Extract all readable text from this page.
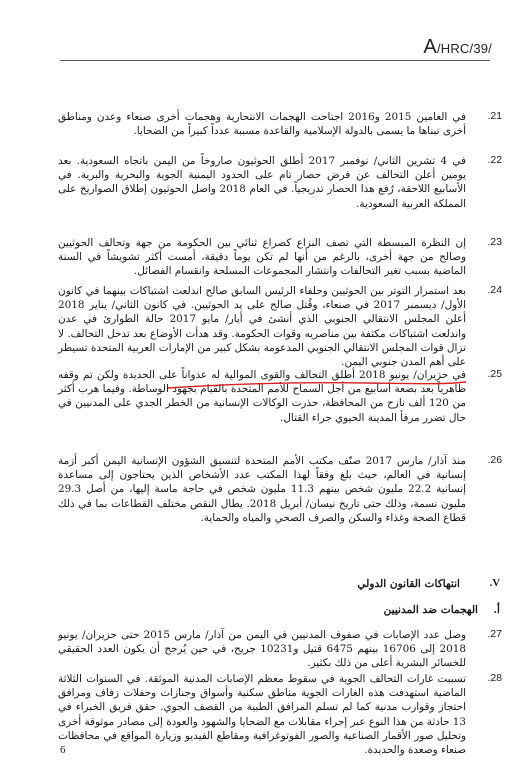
A/HRC/39/
.21
في العامين 2015 و2016 اجتاحت الهجمات الانتحارية وهجمات أخرى صنعاء وعدن ومناطق أخرى تبناها ما يسمى بالدولة الإسلامية والقاعدة مسببة عدداً كبيراً من الضحايا.
.22
في 4 تشرين الثاني/ نوفمبر 2017 أطلق الحوثيون صاروخاً من اليمن باتجاه السعودية. بعد يومين أعلن التحالف عن فرض حصار تام على الحدود اليمنية الجوية والبحرية والبرية. في الأسابيع اللاحقة، رُفع هذا الحصار تدريجياً. في العام 2018 واصل الحوثيون إطلاق الصواريخ على المملكة العربية السعودية.
.23
إن النظرة المبسطة التي تصف النزاع كصراع ثنائي بين الحكومة من جهة وتحالف الحوثيين وصالح من جهة أخرى، بالرغم من أنها لم تكن يوماً دقيقة، أمست أكثر تشويشاً في السنة الماضية بسبب تغير التحالفات وانتشار المجموعات المسلحة وانقسام الفصائل.
.24
بعد استمرار التوتر بين الحوثيين وحلفاء الرئيس السابق صالح اندلعت اشتباكات بينهما في كانون الأول/ ديسمبر 2017 في صنعاء، وقُتل صالح على يد الحوثيين. في كانون الثاني/ يناير 2018 أعلن المجلس الانتقالي الجنوبي الذي أنشئ في أيار/ مايو 2017 حالة الطوارئ في عدن واندلعت اشتباكات مكثفة بين مناصريه وقوات الحكومة. وقد هدأت الأوضاع بعد تدخل التحالف. لا تزال قوات المجلس الانتقالي الجنوبي المدعومة بشكل كبير من الإمارات العربية المتحدة تسيطر على أهم المدن جنوبي اليمن.
.25
في حزيران/ يونيو 2018 أطلق التحالف والقوى الموالية له عدواناً على الحديدة ولكن تم وقفه ظاهرياً بعد بضعة أسابيع من أجل السماح للأمم المتحدة بالقيام بجهود الوساطة. وفيما هرب أكثر من 120 ألف نازح من المحافظة، حذرت الوكالات الإنسانية من الخطر الجدي على المدنيين في حال تضرر مرفأ المدينة الحيوي جراء القتال.
.26
منذ آذار/ مارس 2017 صنّف مكتب الأمم المتحدة لتنسيق الشؤون الإنسانية اليمن أكبر أزمة إنسانية في العالم، حيث بلغ وفقاً لهذا المكتب عدد الأشخاص الذين يحتاجون إلى مساعدة إنسانية 22.2 مليون شخص بينهم 11.3 مليون شخص في حاجة ماسة إليها، من أصل 29.3 مليون نسمة، وذلك حتى تاريخ نيسان/ أبريل 2018. يطال النقص مختلف القطاعات بما في ذلك قطاع الصحة وغذاء والسكن والصرف الصحي والمياه والحماية.
.V
انتهاكات القانون الدولي
أ.
الهجمات ضد المدنيين
.27
وصل عدد الإصابات في صفوف المدنيين في اليمن من آذار/ مارس 2015 حتى حزيران/ يونيو 2018 إلى 16706 بينهم 6475 قتيل و10231 جريح، في حين يُرجح أن يكون العدد الحقيقي للخسائر البشرية أعلى من ذلك بكثير.
.28
تسببت غارات التحالف الجوية في سقوط معظم الإصابات المدنية الموثقة. في السنوات الثلاثة الماضية استهدفت هذه الغارات الجوية مناطق سكنية وأسواق وجنازات وحفلات زفاف ومرافق احتجاز وقوارب مدنية كما لم تسلم المرافق الطبية من القصف الجوي. حقق فريق الخبراء في 13 حادثة من هذا النوع عبر إجراء مقابلات مع الضحايا والشهود والعودة إلى مصادر موثوقة أخرى وتحليل صور الأقمار الصناعية والصور الفوتوغرافية ومقاطع الفيديو وزيارة المواقع في محافظات صنعاء وصعدة والحديدة.
6
